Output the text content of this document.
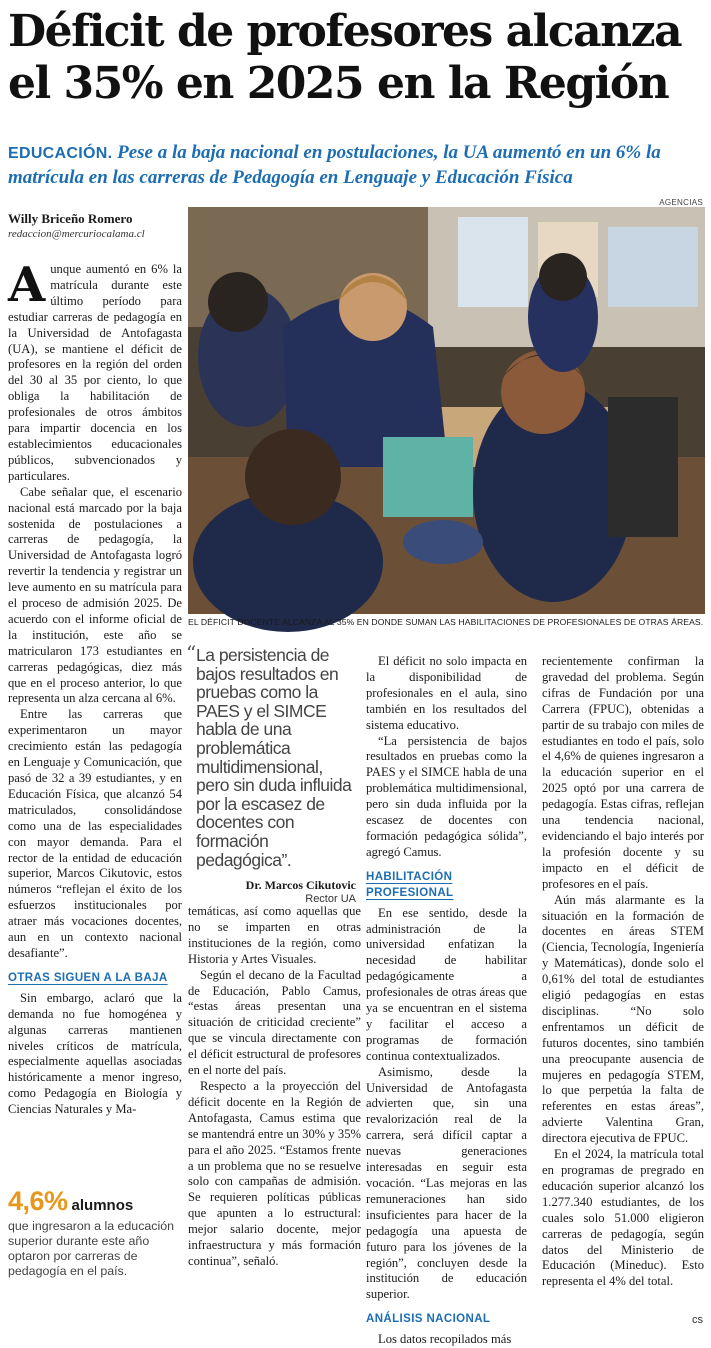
Déficit de profesores alcanza el 35% en 2025 en la Región
EDUCACIÓN. Pese a la baja nacional en postulaciones, la UA aumentó en un 6% la matrícula en las carreras de Pedagogía en Lenguaje y Educación Física
Willy Briceño Romero
redaccion@mercuriocalama.cl

Aunque aumentó en 6% la matrícula durante este último período para estudiar carreras de pedagogía en la Universidad de Antofagasta (UA), se mantiene el déficit de profesores en la región del orden del 30 al 35 por ciento, lo que obliga la habilitación de profesionales de otros ámbitos para impartir docencia en los establecimientos educacionales públicos, subvencionados y particulares.

Cabe señalar que, el escenario nacional está marcado por la baja sostenida de postulaciones a carreras de pedagogía, la Universidad de Antofagasta logró revertir la tendencia y registrar un leve aumento en su matrícula para el proceso de admisión 2025. De acuerdo con el informe oficial de la institución, este año se matricularon 173 estudiantes en carreras pedagógicas, diez más que en el proceso anterior, lo que representa un alza cercana al 6%.

Entre las carreras que experimentaron un mayor crecimiento están las pedagogía en Lenguaje y Comunicación, que pasó de 32 a 39 estudiantes, y en Educación Física, que alcanzó 54 matriculados, consolidándose como una de las especialidades con mayor demanda. Para el rector de la entidad de educación superior, Marcos Cikutovic, estos números “reflejan el éxito de los esfuerzos institucionales por atraer más vocaciones docentes, aun en un contexto nacional desafiante”.

OTRAS SIGUEN A LA BAJA

Sin embargo, aclaró que la demanda no fue homogénea y algunas carreras mantienen niveles críticos de matrícula, especialmente aquellas asociadas históricamente a menor ingreso, como Pedagogía en Biología y Ciencias Naturales y Ma-

AGENCIAS
EL DÉFICIT DOCENTE ALCANZA AL 35% EN DONDE SUMAN LAS HABILITACIONES DE PROFESIONALES DE OTRAS ÁREAS.
“ La persistencia de bajos resultados en pruebas como la PAES y el SIMCE habla de una problemática multidimensional, pero sin duda influida por la escasez de docentes con formación pedagógica”.
Dr. Marcos Cikutovic
Rector UA

temáticas, así como aquellas que no se imparten en otras instituciones de la región, como Historia y Artes Visuales.

Según el decano de la Facultad de Educación, Pablo Camus, “estas áreas presentan una situación de criticidad creciente” que se vincula directamente con el déficit estructural de profesores en el norte del país.

Respecto a la proyección del déficit docente en la Región de Antofagasta, Camus estima que se mantendrá entre un 30% y 35% para el año 2025. “Estamos frente a un problema que no se resuelve solo con campañas de admisión. Se requieren políticas públicas que apunten a lo estructural: mejor salario docente, mejor infraestructura y más formación continua”, señaló.

El déficit no solo impacta en la disponibilidad de profesionales en el aula, sino también en los resultados del sistema educativo.

“La persistencia de bajos resultados en pruebas como la PAES y el SIMCE habla de una problemática multidimensional, pero sin duda influida por la escasez de docentes con formación pedagógica sólida”, agregó Camus.

HABILITACIÓN PROFESIONAL

En ese sentido, desde la administración de la universidad enfatizan la necesidad de habilitar pedagógicamente a profesionales de otras áreas que ya se encuentran en el sistema y facilitar el acceso a programas de formación continua contextualizados.

Asimismo, desde la Universidad de Antofagasta advierten que, sin una revalorización real de la carrera, será difícil captar a nuevas generaciones interesadas en seguir esta vocación. “Las mejoras en las remuneraciones han sido insuficientes para hacer de la pedagogía una apuesta de futuro para los jóvenes de la región”, concluyen desde la institución de educación superior.

ANÁLISIS NACIONAL

Los datos recopilados más

recientemente confirman la gravedad del problema. Según cifras de Fundación por una Carrera (FPUC), obtenidas a partir de su trabajo con miles de estudiantes en todo el país, solo el 4,6% de quienes ingresaron a la educación superior en el 2025 optó por una carrera de pedagogía. Estas cifras, reflejan una tendencia nacional, evidenciando el bajo interés por la profesión docente y su impacto en el déficit de profesores en el país.

Aún más alarmante es la situación en la formación de docentes en áreas STEM (Ciencia, Tecnología, Ingeniería y Matemáticas), donde solo el 0,61% del total de estudiantes eligió pedagogías en estas disciplinas. “No solo enfrentamos un déficit de futuros docentes, sino también una preocupante ausencia de mujeres en pedagogía STEM, lo que perpetúa la falta de referentes en estas áreas”, advierte Valentina Gran, directora ejecutiva de FPUC.

En el 2024, la matrícula total en programas de pregrado en educación superior alcanzó los 1.277.340 estudiantes, de los cuales solo 51.000 eligieron carreras de pedagogía, según datos del Ministerio de Educación (Mineduc). Esto representa el 4% del total.

4,6% alumnos
que ingresaron a la educación superior durante este año optaron por carreras de pedagogía en el país.
cs
